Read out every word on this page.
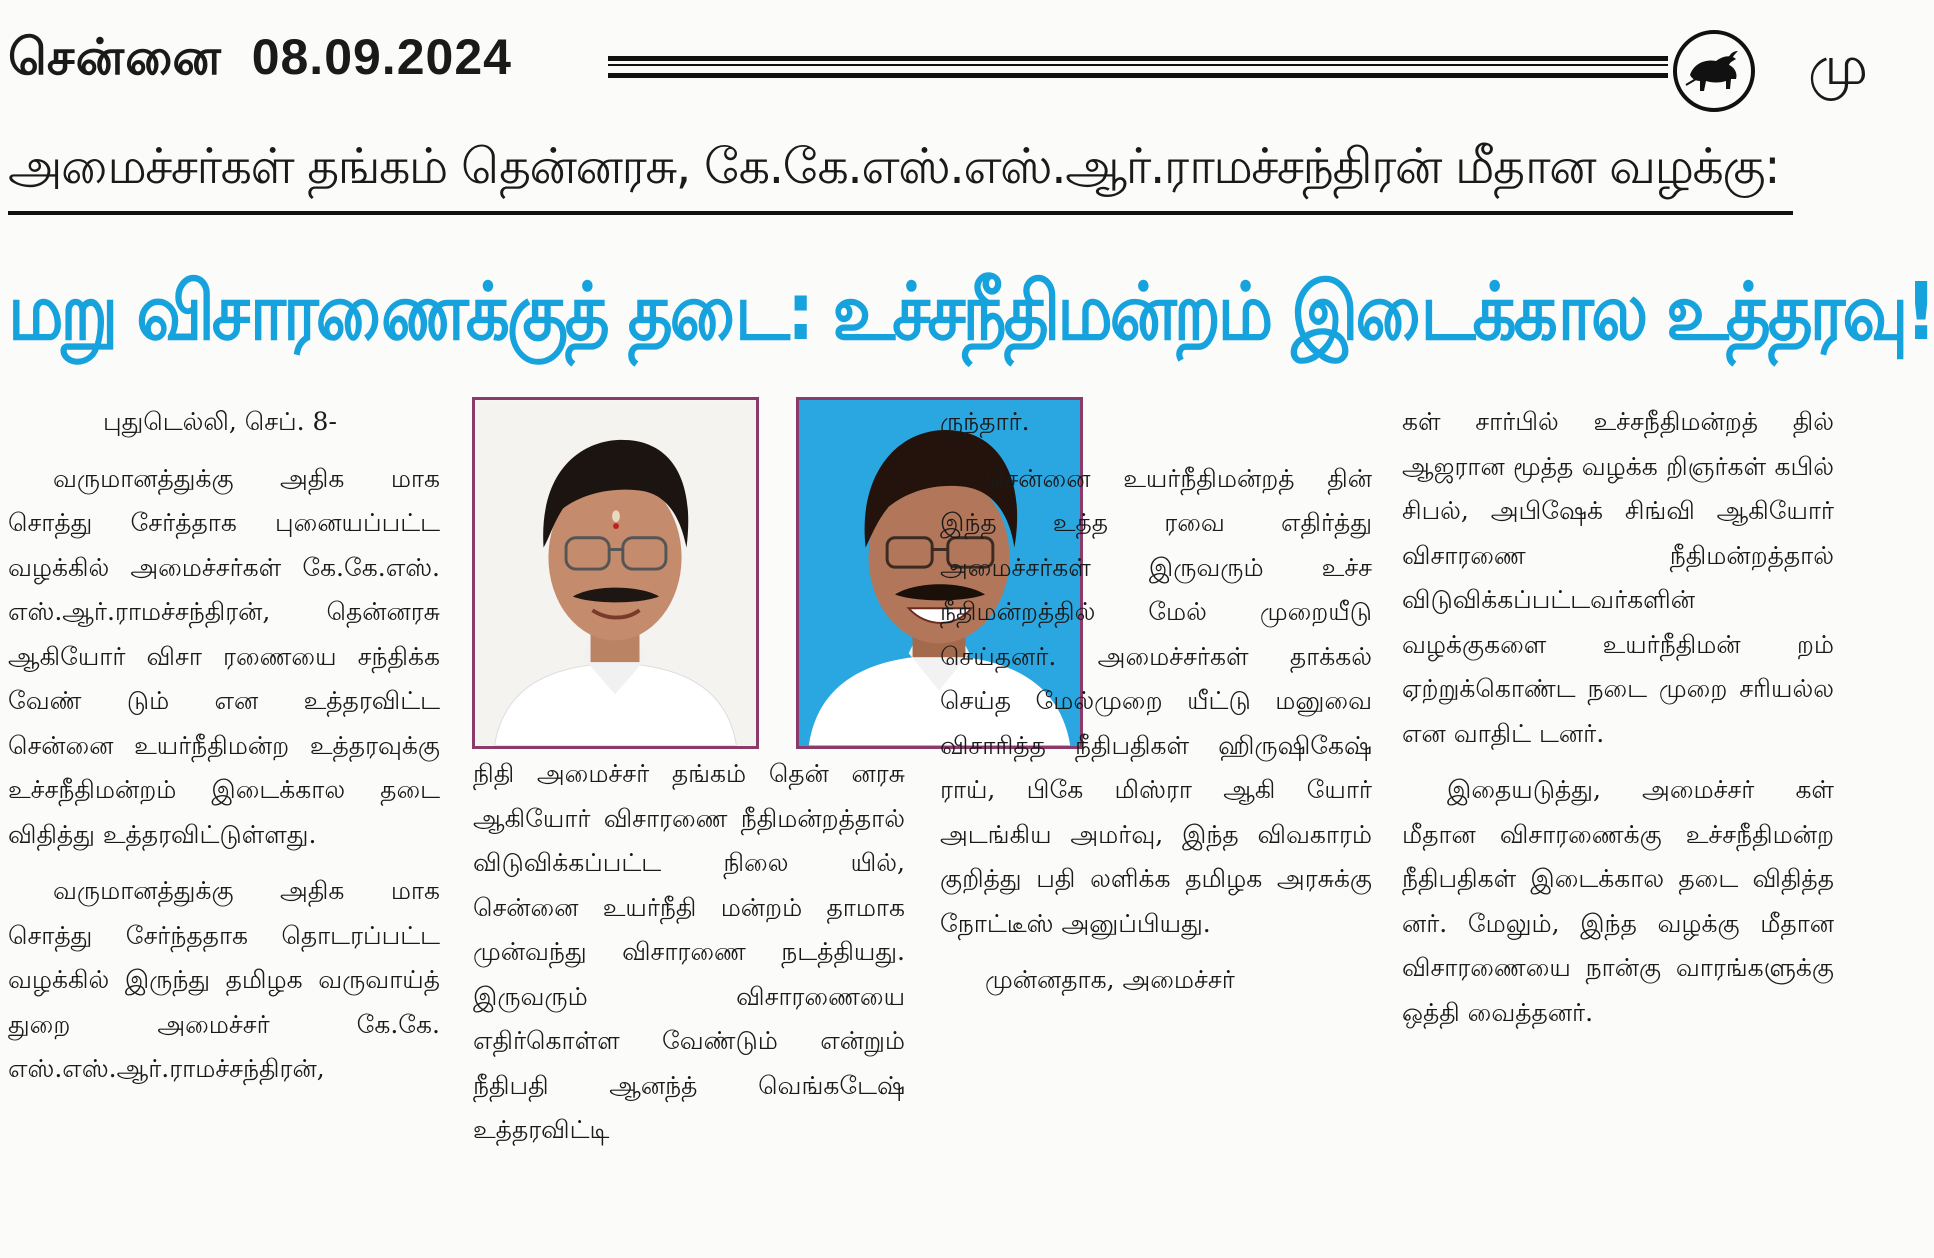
சென்னை 08.09.2024	மு
அமைச்சர்கள் தங்கம் தென்னரசு, கே.கே.எஸ்.எஸ்.ஆர்.ராமச்சந்திரன் மீதான வழக்கு:
மறு விசாரணைக்குத் தடை: உச்சநீதிமன்றம் இடைக்கால உத்தரவு!

புதுடெல்லி, செப். 8-

வருமானத்துக்கு அதிக மாக சொத்து சேர்த்தாக புனையப்பட்ட வழக்கில் அமைச்சர்கள் கே.கே.எஸ். எஸ்.ஆர்.ராமச்சந்திரன், தென்னரசு ஆகியோர் விசா ரணையை சந்திக்க வேண் டும் என உத்தரவிட்ட சென்னை உயர்நீதிமன்ற உத்தரவுக்கு உச்சநீதிமன்றம் இடைக்கால தடை விதித்து உத்தரவிட்டுள்ளது.

வருமானத்துக்கு அதிக மாக சொத்து சேர்ந்ததாக தொடரப்பட்ட வழக்கில் இருந்து தமிழக வருவாய்த் துறை அமைச்சர் கே.கே. எஸ்.எஸ்.ஆர்.ராமச்சந்திரன்,

நிதி அமைச்சர் தங்கம் தென் னரசு ஆகியோர் விசாரணை நீதிமன்றத்தால் விடுவிக்கப்பட்ட நிலை யில், சென்னை உயர்நீதி மன்றம் தாமாக முன்வந்து விசாரணை நடத்தியது. இருவரும் விசாரணையை எதிர்கொள்ள வேண்டும் என்றும் நீதிபதி ஆனந்த் வெங்கடேஷ் உத்தரவிட்டி

ருந்தார்.

சென்னை உயர்நீதிமன்றத் தின் இந்த உத்த ரவை எதிர்த்து அமைச்சர்கள் இருவரும் உச்ச நீதிமன்றத்தில் மேல் முறையீடு செய்தனர். அமைச்சர்கள் தாக்கல் செய்த மேல்முறை யீட்டு மனுவை விசாரித்த நீதிபதிகள் ஹிருஷிகேஷ் ராய், பிகே மிஸ்ரா ஆகி யோர் அடங்கிய அமர்வு, இந்த விவகாரம் குறித்து பதி லளிக்க தமிழக அரசுக்கு நோட்டீஸ் அனுப்பியது.

முன்னதாக, அமைச்சர்

கள் சார்பில் உச்சநீதிமன்றத் தில் ஆஜரான மூத்த வழக்க றிஞர்கள் கபில் சிபல், அபிஷேக் சிங்வி ஆகியோர் விசாரணை நீதிமன்றத்தால் விடுவிக்கப்பட்டவர்களின் வழக்குகளை உயர்நீதிமன் றம் ஏற்றுக்கொண்ட நடை முறை சரியல்ல என வாதிட் டனர்.

இதையடுத்து, அமைச்சர் கள் மீதான விசாரணைக்கு உச்சநீதிமன்ற நீதிபதிகள் இடைக்கால தடை விதித்த னர். மேலும், இந்த வழக்கு மீதான விசாரணையை நான்கு வாரங்களுக்கு ஒத்தி வைத்தனர்.
